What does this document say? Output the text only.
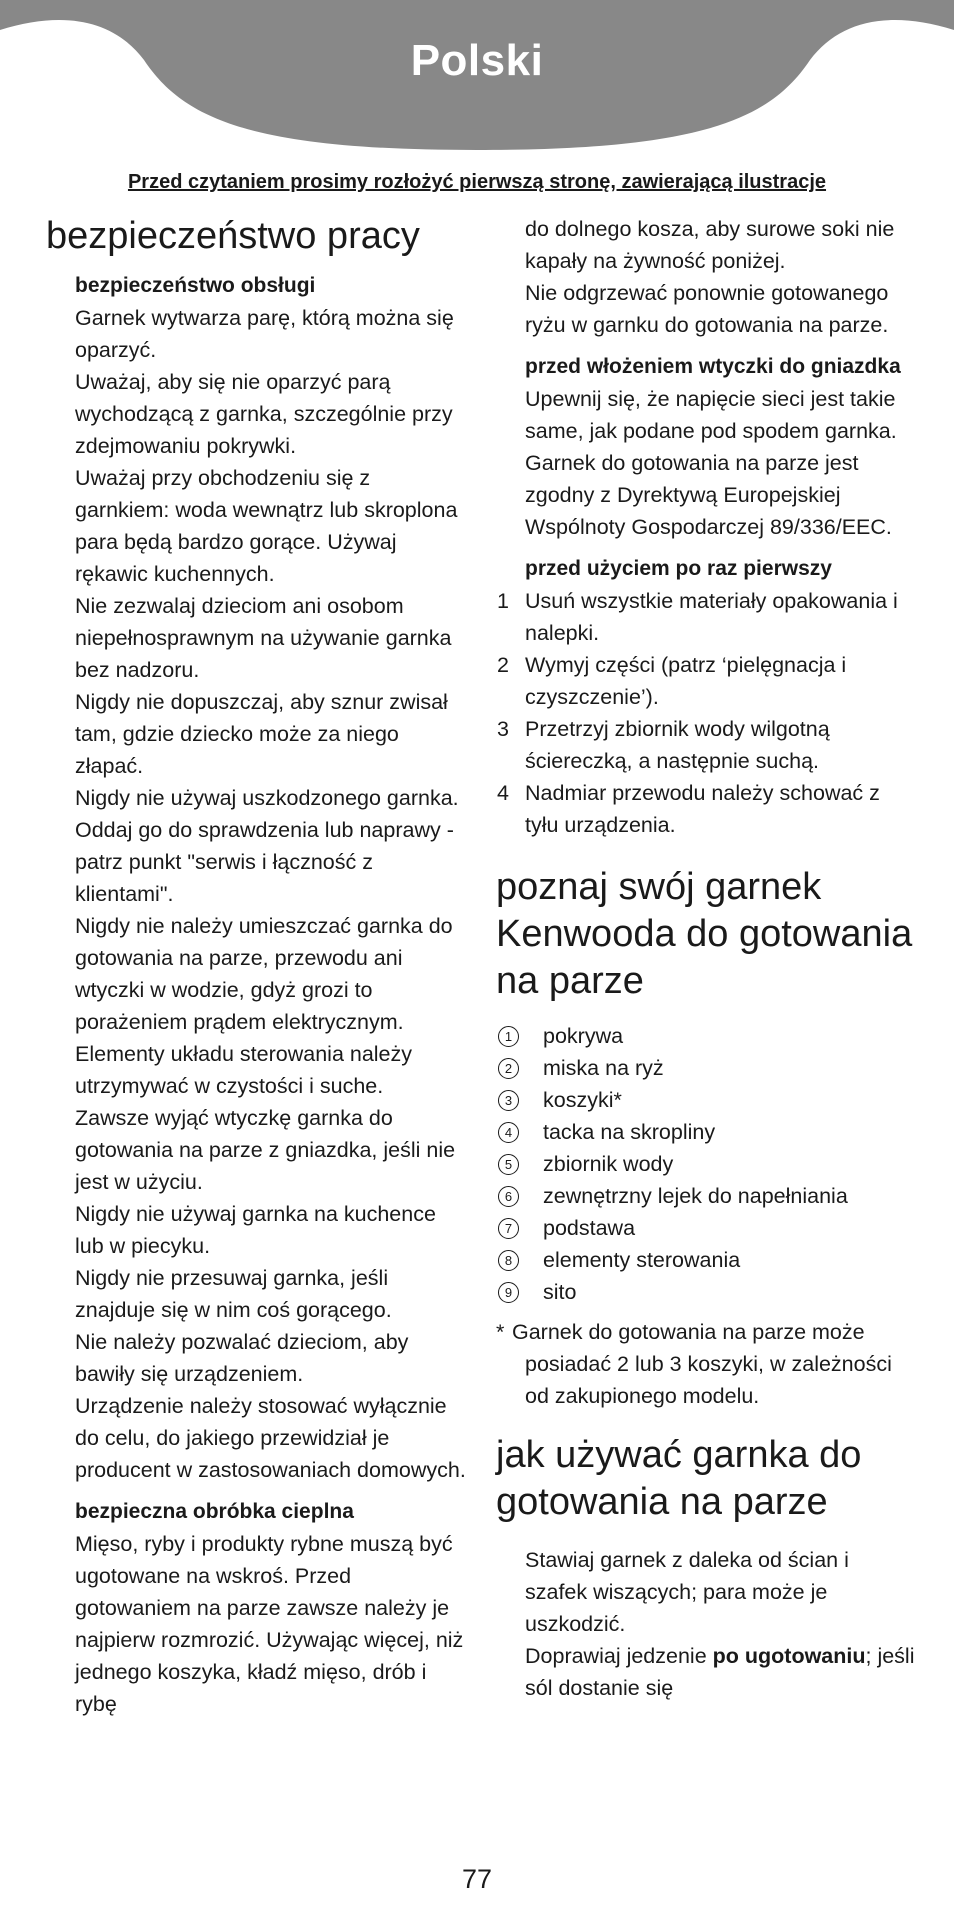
Polski
Przed czytaniem prosimy rozłożyć pierwszą stronę, zawierającą ilustracje
bezpieczeństwo pracy
bezpieczeństwo obsługi
Garnek wytwarza parę, którą można się oparzyć.
Uważaj, aby się nie oparzyć parą wychodzącą z garnka, szczególnie przy zdejmowaniu pokrywki.
Uważaj przy obchodzeniu się z garnkiem: woda wewnątrz lub skroplona para będą bardzo gorące. Używaj rękawic kuchennych.
Nie zezwalaj dzieciom ani osobom niepełnosprawnym na używanie garnka bez nadzoru.
Nigdy nie dopuszczaj, aby sznur zwisał tam, gdzie dziecko może za niego złapać.
Nigdy nie używaj uszkodzonego garnka. Oddaj go do sprawdzenia lub naprawy - patrz punkt "serwis i łączność z klientami".
Nigdy nie należy umieszczać garnka do gotowania na parze, przewodu ani wtyczki w wodzie, gdyż grozi to porażeniem prądem elektrycznym. Elementy układu sterowania należy utrzymywać w czystości i suche.
Zawsze wyjąć wtyczkę garnka do gotowania na parze z gniazdka, jeśli nie jest w użyciu.
Nigdy nie używaj garnka na kuchence lub w piecyku.
Nigdy nie przesuwaj garnka, jeśli znajduje się w nim coś gorącego.
Nie należy pozwalać dzieciom, aby bawiły się urządzeniem.
Urządzenie należy stosować wyłącznie do celu, do jakiego przewidział je producent w zastosowaniach domowych.
bezpieczna obróbka cieplna
Mięso, ryby i produkty rybne muszą być ugotowane na wskroś. Przed gotowaniem na parze zawsze należy je najpierw rozmrozić. Używając więcej, niż jednego koszyka, kładź mięso, drób i rybę
do dolnego kosza, aby surowe soki nie kapały na żywność poniżej.
Nie odgrzewać ponownie gotowanego ryżu w garnku do gotowania na parze.
przed włożeniem wtyczki do gniazdka
Upewnij się, że napięcie sieci jest takie same, jak podane pod spodem garnka.
Garnek do gotowania na parze jest zgodny z Dyrektywą Europejskiej Wspólnoty Gospodarczej 89/336/EEC.
przed użyciem po raz pierwszy
1 Usuń wszystkie materiały opakowania i nalepki.
2 Wymyj części (patrz ‘pielęgnacja i czyszczenie’).
3 Przetrzyj zbiornik wody wilgotną ściereczką, a następnie suchą.
4 Nadmiar przewodu należy schować z tyłu urządzenia.
poznaj swój garnek Kenwooda do gotowania na parze
1	pokrywa
2	miska na ryż
3	koszyki*
4	tacka na skropliny
5	zbiornik wody
6	zewnętrzny lejek do napełniania
7	podstawa
8	elementy sterowania
9	sito
* Garnek do gotowania na parze może posiadać 2 lub 3 koszyki, w zależności od zakupionego modelu.
jak używać garnka do gotowania na parze
Stawiaj garnek z daleka od ścian i szafek wiszących; para może je uszkodzić.
Doprawiaj jedzenie po ugotowaniu; jeśli sól dostanie się
77
